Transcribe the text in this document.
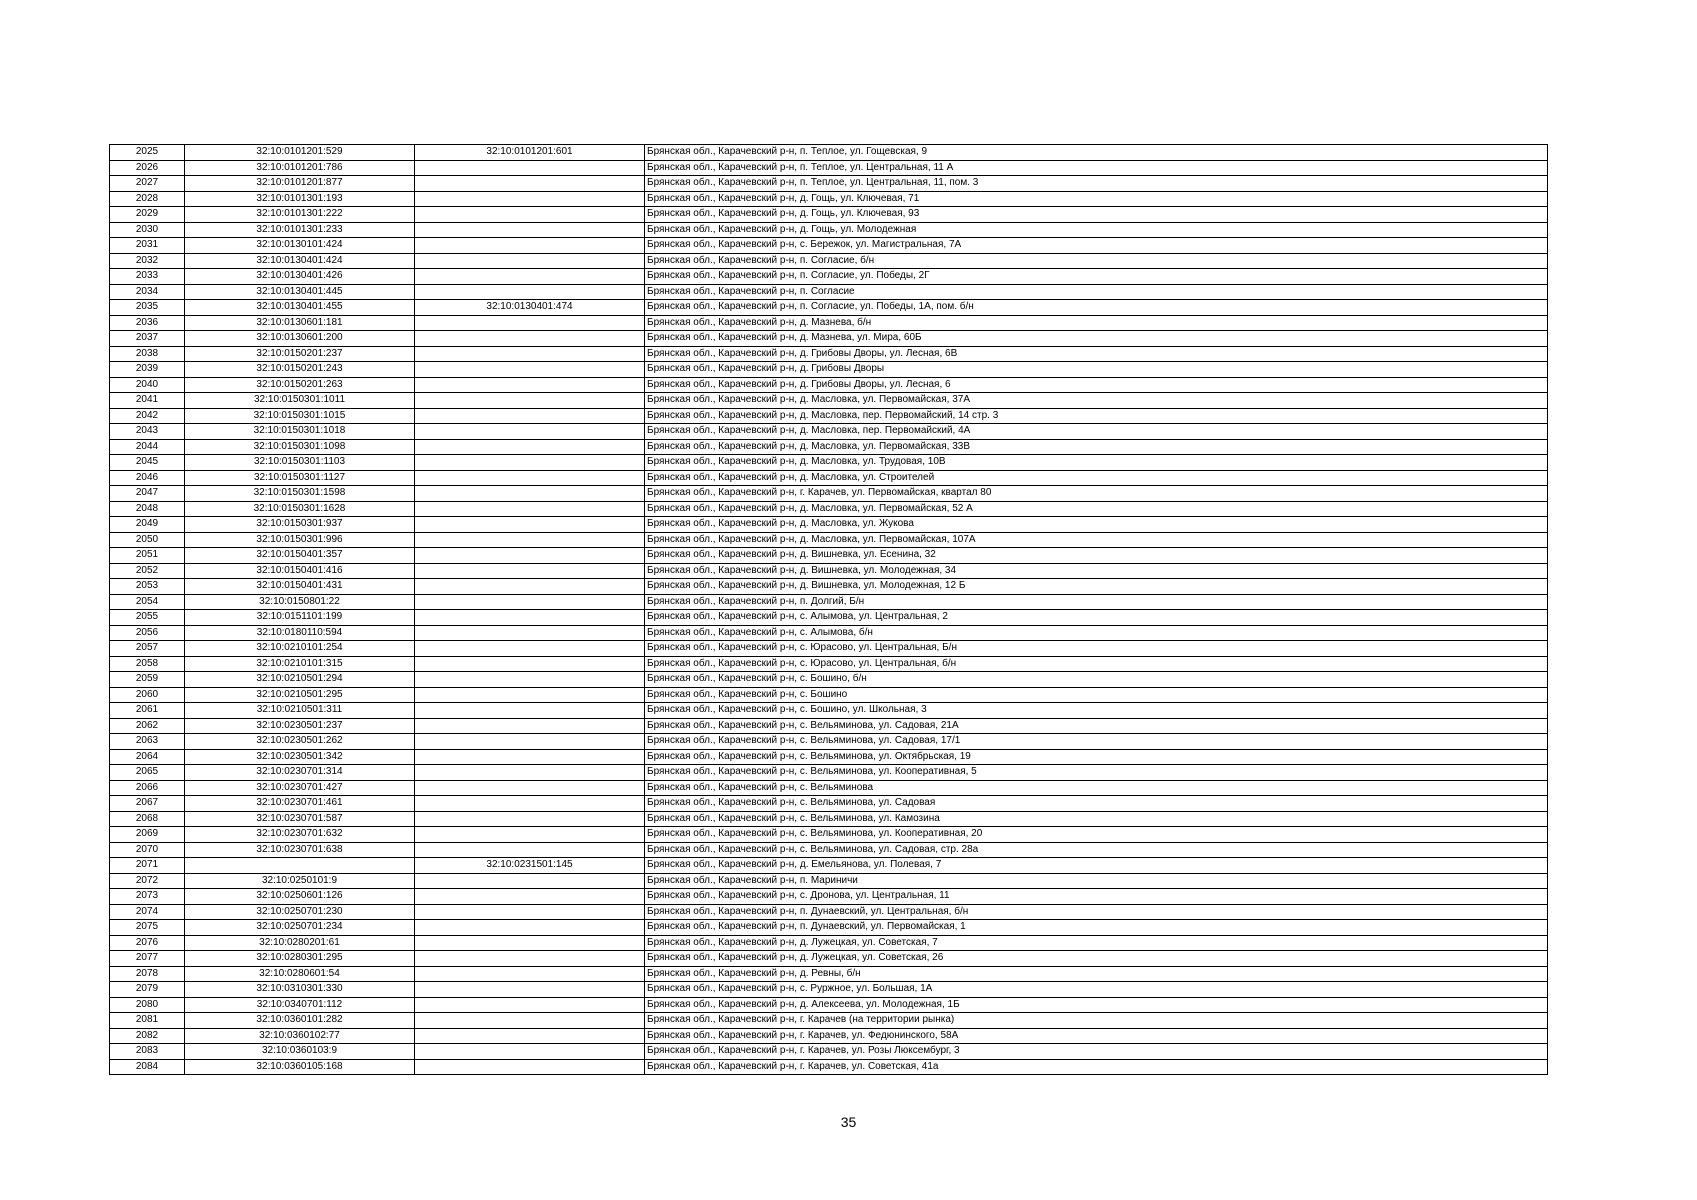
2025	32:10:0101201:529	32:10:0101201:601	Брянская обл., Карачевский р-н, п. Теплое, ул. Гощевская, 9
2026	32:10:0101201:786		Брянская обл., Карачевский р-н, п. Теплое, ул. Центральная, 11 А
2027	32:10:0101201:877		Брянская обл., Карачевский р-н, п. Теплое, ул. Центральная, 11, пом. 3
2028	32:10:0101301:193		Брянская обл., Карачевский р-н, д. Гощь, ул. Ключевая, 71
2029	32:10:0101301:222		Брянская обл., Карачевский р-н, д. Гощь, ул. Ключевая, 93
2030	32:10:0101301:233		Брянская обл., Карачевский р-н, д. Гощь, ул. Молодежная
2031	32:10:0130101:424		Брянская обл., Карачевский р-н, с. Бережок, ул. Магистральная, 7А
2032	32:10:0130401:424		Брянская обл., Карачевский р-н, п. Согласие, б/н
2033	32:10:0130401:426		Брянская обл., Карачевский р-н, п. Согласие, ул. Победы, 2Г
2034	32:10:0130401:445		Брянская обл., Карачевский р-н, п. Согласие
2035	32:10:0130401:455	32:10:0130401:474	Брянская обл., Карачевский р-н, п. Согласие, ул. Победы, 1А, пом. б/н
2036	32:10:0130601:181		Брянская обл., Карачевский р-н, д. Мазнева, б/н
2037	32:10:0130601:200		Брянская обл., Карачевский р-н, д. Мазнева, ул. Мира, 60Б
2038	32:10:0150201:237		Брянская обл., Карачевский р-н, д. Грибовы Дворы, ул. Лесная, 6В
2039	32:10:0150201:243		Брянская обл., Карачевский р-н, д. Грибовы Дворы
2040	32:10:0150201:263		Брянская обл., Карачевский р-н, д. Грибовы Дворы, ул. Лесная, 6
2041	32:10:0150301:1011		Брянская обл., Карачевский р-н, д. Масловка, ул. Первомайская, 37А
2042	32:10:0150301:1015		Брянская обл., Карачевский р-н, д. Масловка, пер. Первомайский, 14 стр. 3
2043	32:10:0150301:1018		Брянская обл., Карачевский р-н, д. Масловка, пер. Первомайский, 4А
2044	32:10:0150301:1098		Брянская обл., Карачевский р-н, д. Масловка, ул. Первомайская, 33В
2045	32:10:0150301:1103		Брянская обл., Карачевский р-н, д. Масловка, ул. Трудовая, 10В
2046	32:10:0150301:1127		Брянская обл., Карачевский р-н, д. Масловка, ул. Строителей
2047	32:10:0150301:1598		Брянская обл., Карачевский р-н, г. Карачев, ул. Первомайская, квартал 80
2048	32:10:0150301:1628		Брянская обл., Карачевский р-н, д. Масловка, ул. Первомайская, 52 А
2049	32:10:0150301:937		Брянская обл., Карачевский р-н, д. Масловка, ул. Жукова
2050	32:10:0150301:996		Брянская обл., Карачевский р-н, д. Масловка, ул. Первомайская, 107А
2051	32:10:0150401:357		Брянская обл., Карачевский р-н, д. Вишневка, ул. Есенина, 32
2052	32:10:0150401:416		Брянская обл., Карачевский р-н, д. Вишневка, ул. Молодежная, 34
2053	32:10:0150401:431		Брянская обл., Карачевский р-н, д. Вишневка, ул. Молодежная, 12 Б
2054	32:10:0150801:22		Брянская обл., Карачевский р-н, п. Долгий, Б/н
2055	32:10:0151101:199		Брянская обл., Карачевский р-н, с. Алымова, ул. Центральная, 2
2056	32:10:0180110:594		Брянская обл., Карачевский р-н, с. Алымова, б/н
2057	32:10:0210101:254		Брянская обл., Карачевский р-н, с. Юрасово, ул. Центральная, Б/н
2058	32:10:0210101:315		Брянская обл., Карачевский р-н, с. Юрасово, ул. Центральная, б/н
2059	32:10:0210501:294		Брянская обл., Карачевский р-н, с. Бошино, б/н
2060	32:10:0210501:295		Брянская обл., Карачевский р-н, с. Бошино
2061	32:10:0210501:311		Брянская обл., Карачевский р-н, с. Бошино, ул. Школьная, 3
2062	32:10:0230501:237		Брянская обл., Карачевский р-н, с. Вельяминова, ул. Садовая, 21А
2063	32:10:0230501:262		Брянская обл., Карачевский р-н, с. Вельяминова, ул. Садовая, 17/1
2064	32:10:0230501:342		Брянская обл., Карачевский р-н, с. Вельяминова, ул. Октябрьская, 19
2065	32:10:0230701:314		Брянская обл., Карачевский р-н, с. Вельяминова, ул. Кооперативная, 5
2066	32:10:0230701:427		Брянская обл., Карачевский р-н, с. Вельяминова
2067	32:10:0230701:461		Брянская обл., Карачевский р-н, с. Вельяминова, ул. Садовая
2068	32:10:0230701:587		Брянская обл., Карачевский р-н, с. Вельяминова, ул. Камозина
2069	32:10:0230701:632		Брянская обл., Карачевский р-н, с. Вельяминова, ул. Кооперативная, 20
2070	32:10:0230701:638		Брянская обл., Карачевский р-н, с. Вельяминова, ул. Садовая, стр. 28а
2071		32:10:0231501:145	Брянская обл., Карачевский р-н, д. Емельянова, ул. Полевая, 7
2072	32:10:0250101:9		Брянская обл., Карачевский р-н, п. Мариничи
2073	32:10:0250601:126		Брянская обл., Карачевский р-н, с. Дронова, ул. Центральная, 11
2074	32:10:0250701:230		Брянская обл., Карачевский р-н, п. Дунаевский, ул. Центральная, б/н
2075	32:10:0250701:234		Брянская обл., Карачевский р-н, п. Дунаевский, ул. Первомайская, 1
2076	32:10:0280201:61		Брянская обл., Карачевский р-н, д. Лужецкая, ул. Советская, 7
2077	32:10:0280301:295		Брянская обл., Карачевский р-н, д. Лужецкая, ул. Советская, 26
2078	32:10:0280601:54		Брянская обл., Карачевский р-н, д. Ревны, б/н
2079	32:10:0310301:330		Брянская обл., Карачевский р-н, с. Руржное, ул. Большая, 1А
2080	32:10:0340701:112		Брянская обл., Карачевский р-н, д. Алексеева, ул. Молодежная, 1Б
2081	32:10:0360101:282		Брянская обл., Карачевский р-н, г. Карачев (на территории рынка)
2082	32:10:0360102:77		Брянская обл., Карачевский р-н, г. Карачев, ул. Федюнинского, 58А
2083	32:10:0360103:9		Брянская обл., Карачевский р-н, г. Карачев, ул. Розы Люксембург, 3
2084	32:10:0360105:168		Брянская обл., Карачевский р-н, г. Карачев, ул. Советская, 41а
35
